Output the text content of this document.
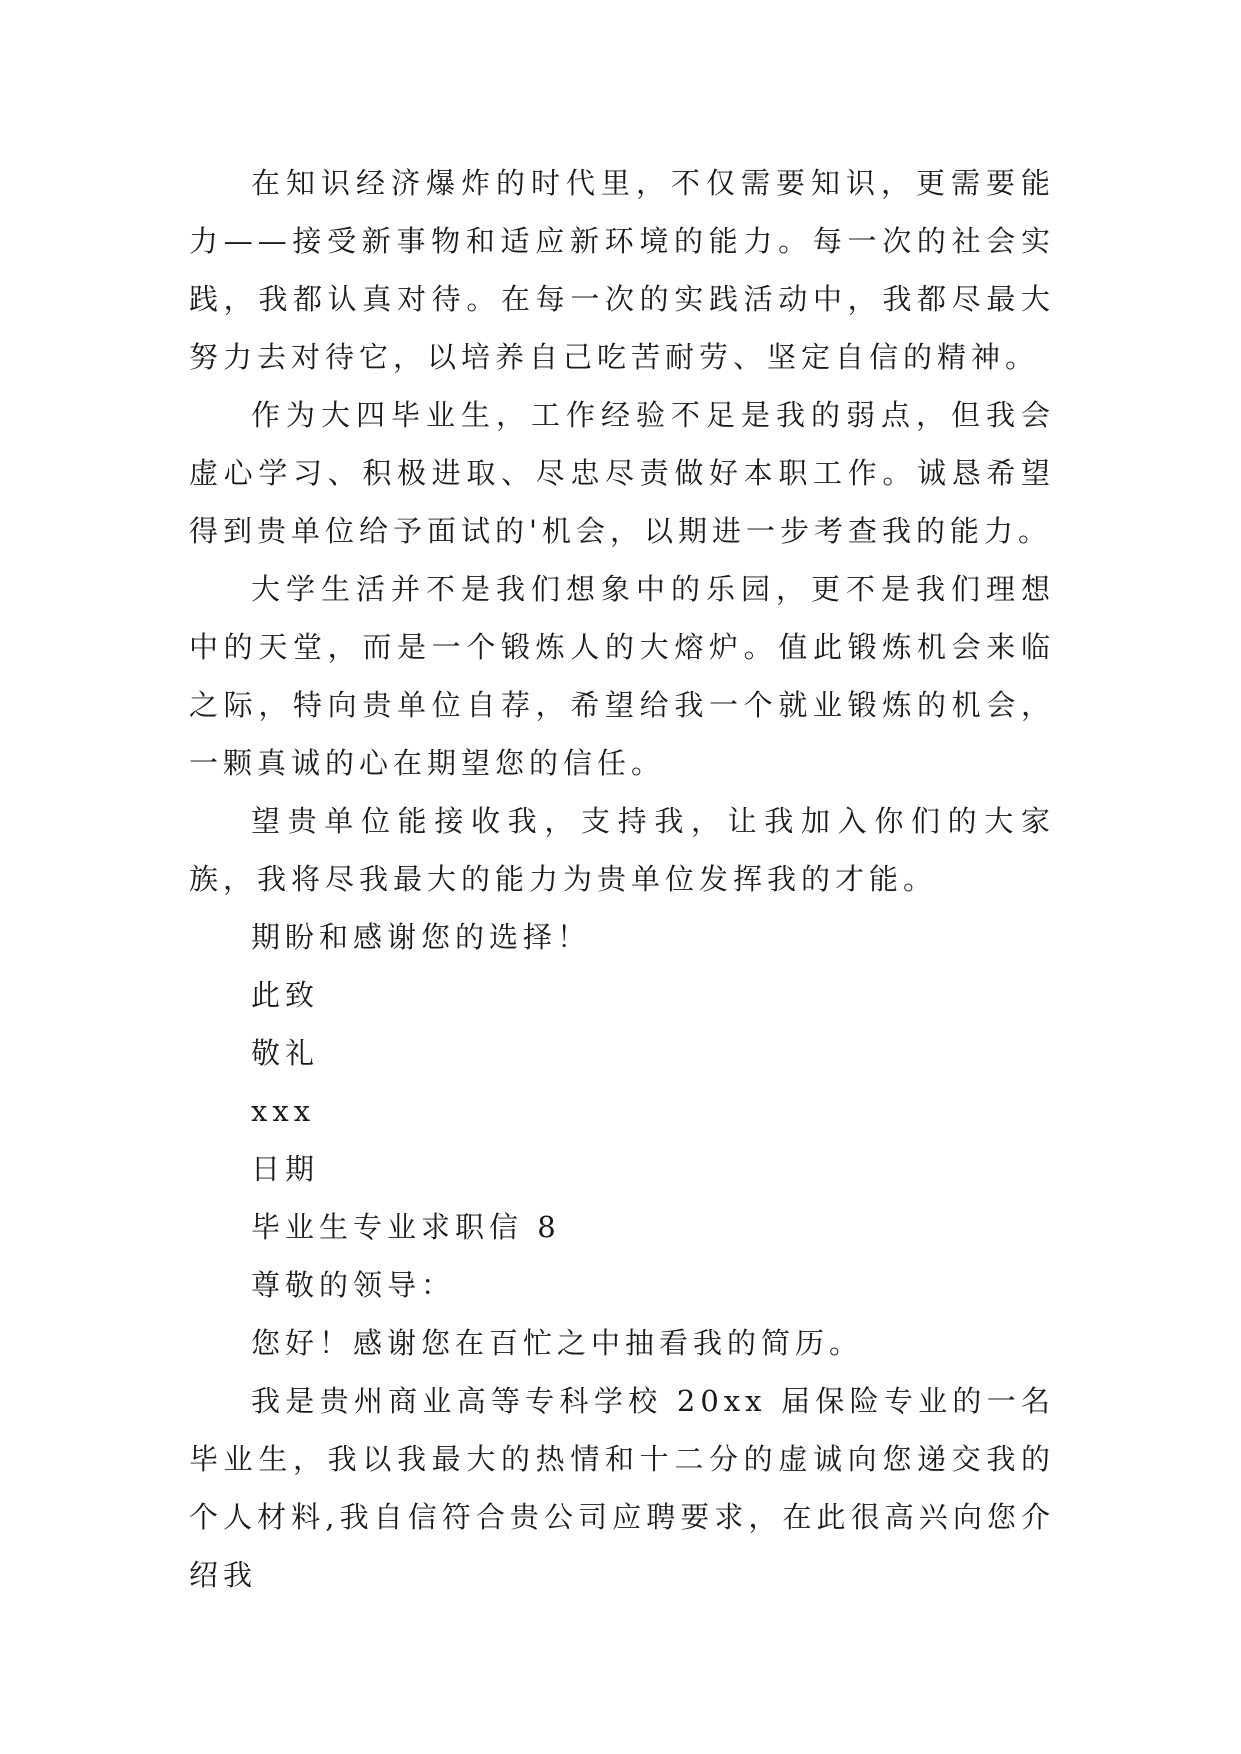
在知识经济爆炸的时代里，不仅需要知识，更需要能力——接受新事物和适应新环境的能力。每一次的社会实践，我都认真对待。在每一次的实践活动中，我都尽最大努力去对待它，以培养自己吃苦耐劳、坚定自信的精神。

作为大四毕业生，工作经验不足是我的弱点，但我会虚心学习、积极进取、尽忠尽责做好本职工作。诚恳希望得到贵单位给予面试的'机会，以期进一步考查我的能力。

大学生活并不是我们想象中的乐园，更不是我们理想中的天堂，而是一个锻炼人的大熔炉。值此锻炼机会来临之际，特向贵单位自荐，希望给我一个就业锻炼的机会，一颗真诚的心在期望您的信任。

望贵单位能接收我，支持我，让我加入你们的大家族，我将尽我最大的能力为贵单位发挥我的才能。

期盼和感谢您的选择！

此致

敬礼

xxx

日期

毕业生专业求职信 8

尊敬的领导：

您好！感谢您在百忙之中抽看我的简历。

我是贵州商业高等专科学校 20xx 届保险专业的一名毕业生，我以我最大的热情和十二分的虚诚向您递交我的个人材料,我自信符合贵公司应聘要求，在此很高兴向您介绍我
